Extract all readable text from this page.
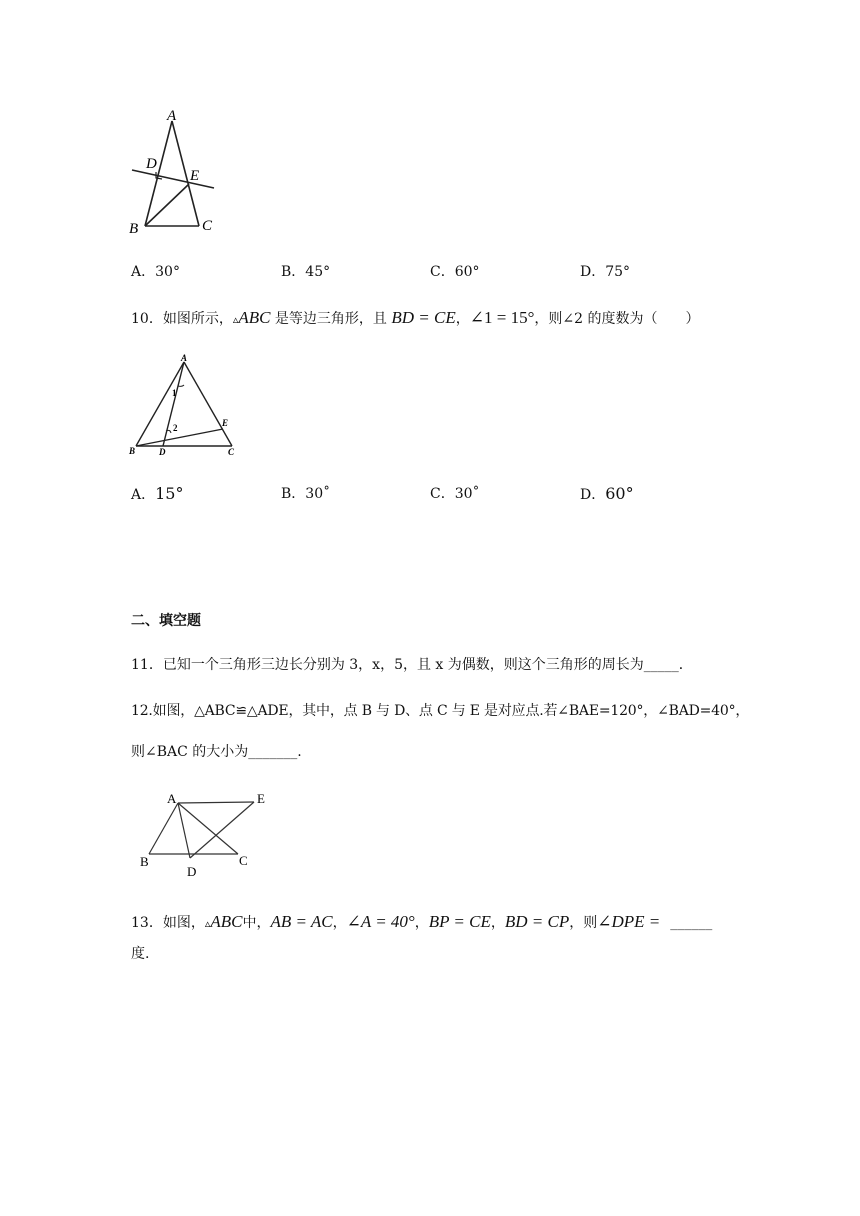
A
D
E
B	C
A．30°	B．45°	C．60°	D．75°
10．如图所示，▵ABC 是等边三角形，且 BD = CE，∠1 = 15°，则∠2 的度数为（　　）
A
1
2	E
B	D	C
A．15°	B．30˚	C．30˚	D．60°
二、填空题
11．已知一个三角形三边长分别为 3，x，5，且 x 为偶数，则这个三角形的周长为_____．
12.如图，△ABC≌△ADE，其中，点 B 与 D、点 C 与 E 是对应点.若∠BAE=120°，∠BAD=40°，
则∠BAC 的大小为_______.
A	E
B	C
D
13．如图，▵ABC中，AB = AC，∠A = 40°，BP = CE，BD = CP，则∠DPE = ______
度.
